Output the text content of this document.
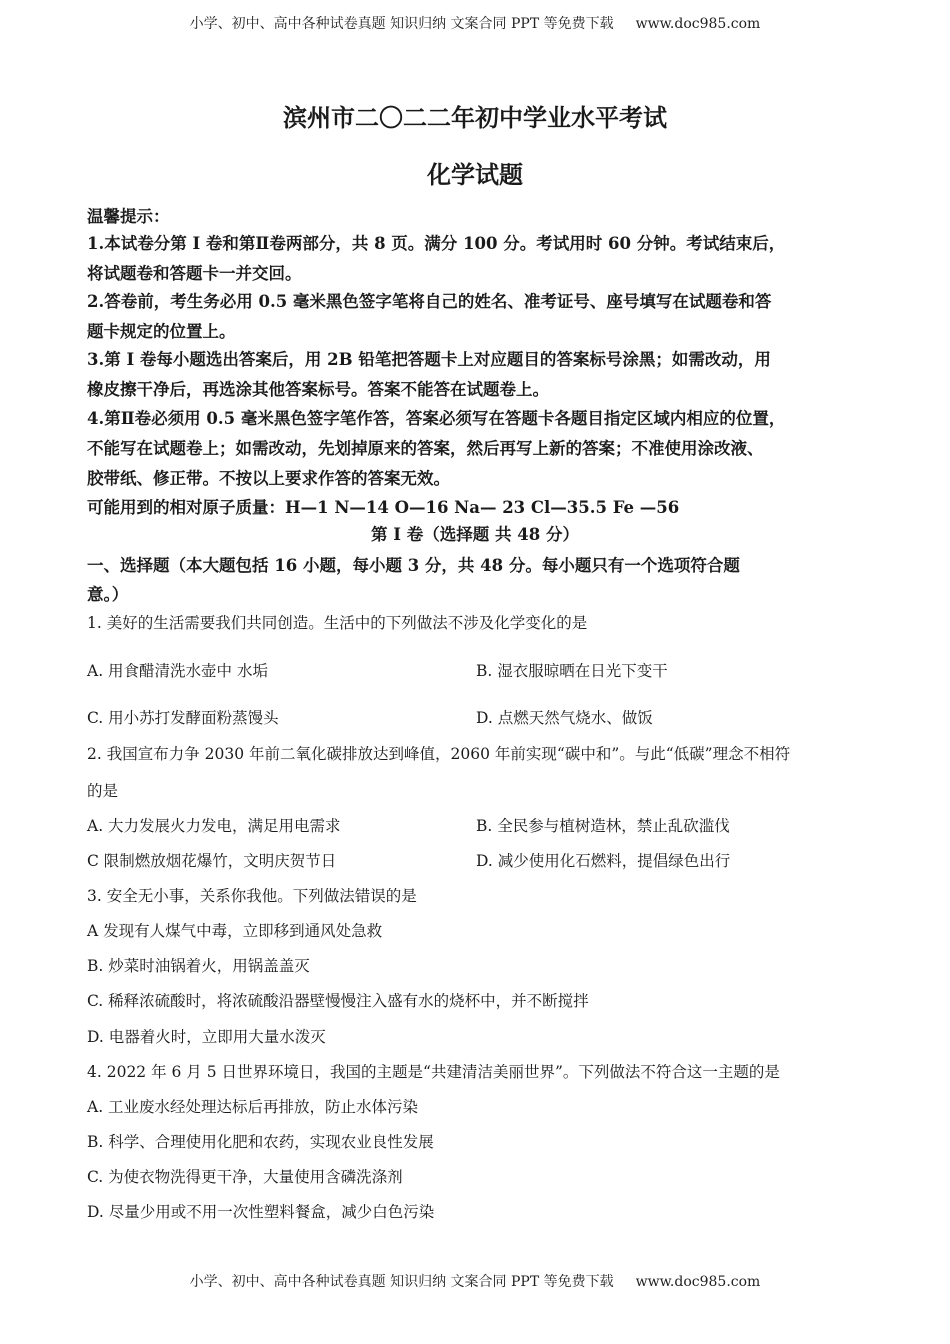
小学、初中、高中各种试卷真题 知识归纳 文案合同 PPT 等免费下载 www.doc985.com
滨州市二〇二二年初中学业水平考试
化学试题
温馨提示：
1.本试卷分第 I 卷和第Ⅱ卷两部分，共 8 页。满分 100 分。考试用时 60 分钟。考试结束后，
将试题卷和答题卡一并交回。
2.答卷前，考生务必用 0.5 毫米黑色签字笔将自己的姓名、准考证号、座号填写在试题卷和答
题卡规定的位置上。
3.第 I 卷每小题选出答案后，用 2B 铅笔把答题卡上对应题目的答案标号涂黑；如需改动，用
橡皮擦干净后，再选涂其他答案标号。答案不能答在试题卷上。
4.第Ⅱ卷必须用 0.5 毫米黑色签字笔作答，答案必须写在答题卡各题目指定区域内相应的位置，
不能写在试题卷上；如需改动，先划掉原来的答案，然后再写上新的答案；不准使用涂改液、
胶带纸、修正带。不按以上要求作答的答案无效。
可能用到的相对原子质量：H—1 N—14 O—16 Na— 23 Cl—35.5 Fe —56
第 I 卷（选择题 共 48 分）
一、选择题（本大题包括 16 小题，每小题 3 分，共 48 分。每小题只有一个选项符合题
意。）
1. 美好的生活需要我们共同创造。生活中的下列做法不涉及化学变化的是
A. 用食醋清洗水壶中 水垢	B. 湿衣服晾晒在日光下变干
C. 用小苏打发酵面粉蒸馒头	D. 点燃天然气烧水、做饭
2. 我国宣布力争 2030 年前二氧化碳排放达到峰值，2060 年前实现“碳中和”。与此“低碳”理念不相符
的是
A. 大力发展火力发电，满足用电需求	B. 全民参与植树造林，禁止乱砍滥伐
C 限制燃放烟花爆竹，文明庆贺节日	D. 减少使用化石燃料，提倡绿色出行
3. 安全无小事，关系你我他。下列做法错误的是
A 发现有人煤气中毒，立即移到通风处急救
B. 炒菜时油锅着火，用锅盖盖灭
C. 稀释浓硫酸时，将浓硫酸沿器壁慢慢注入盛有水的烧杯中，并不断搅拌
D. 电器着火时，立即用大量水泼灭
4. 2022 年 6 月 5 日世界环境日，我国的主题是“共建清洁美丽世界”。下列做法不符合这一主题的是
A. 工业废水经处理达标后再排放，防止水体污染
B. 科学、合理使用化肥和农药，实现农业良性发展
C. 为使衣物洗得更干净，大量使用含磷洗涤剂
D. 尽量少用或不用一次性塑料餐盒，减少白色污染
小学、初中、高中各种试卷真题 知识归纳 文案合同 PPT 等免费下载 www.doc985.com
